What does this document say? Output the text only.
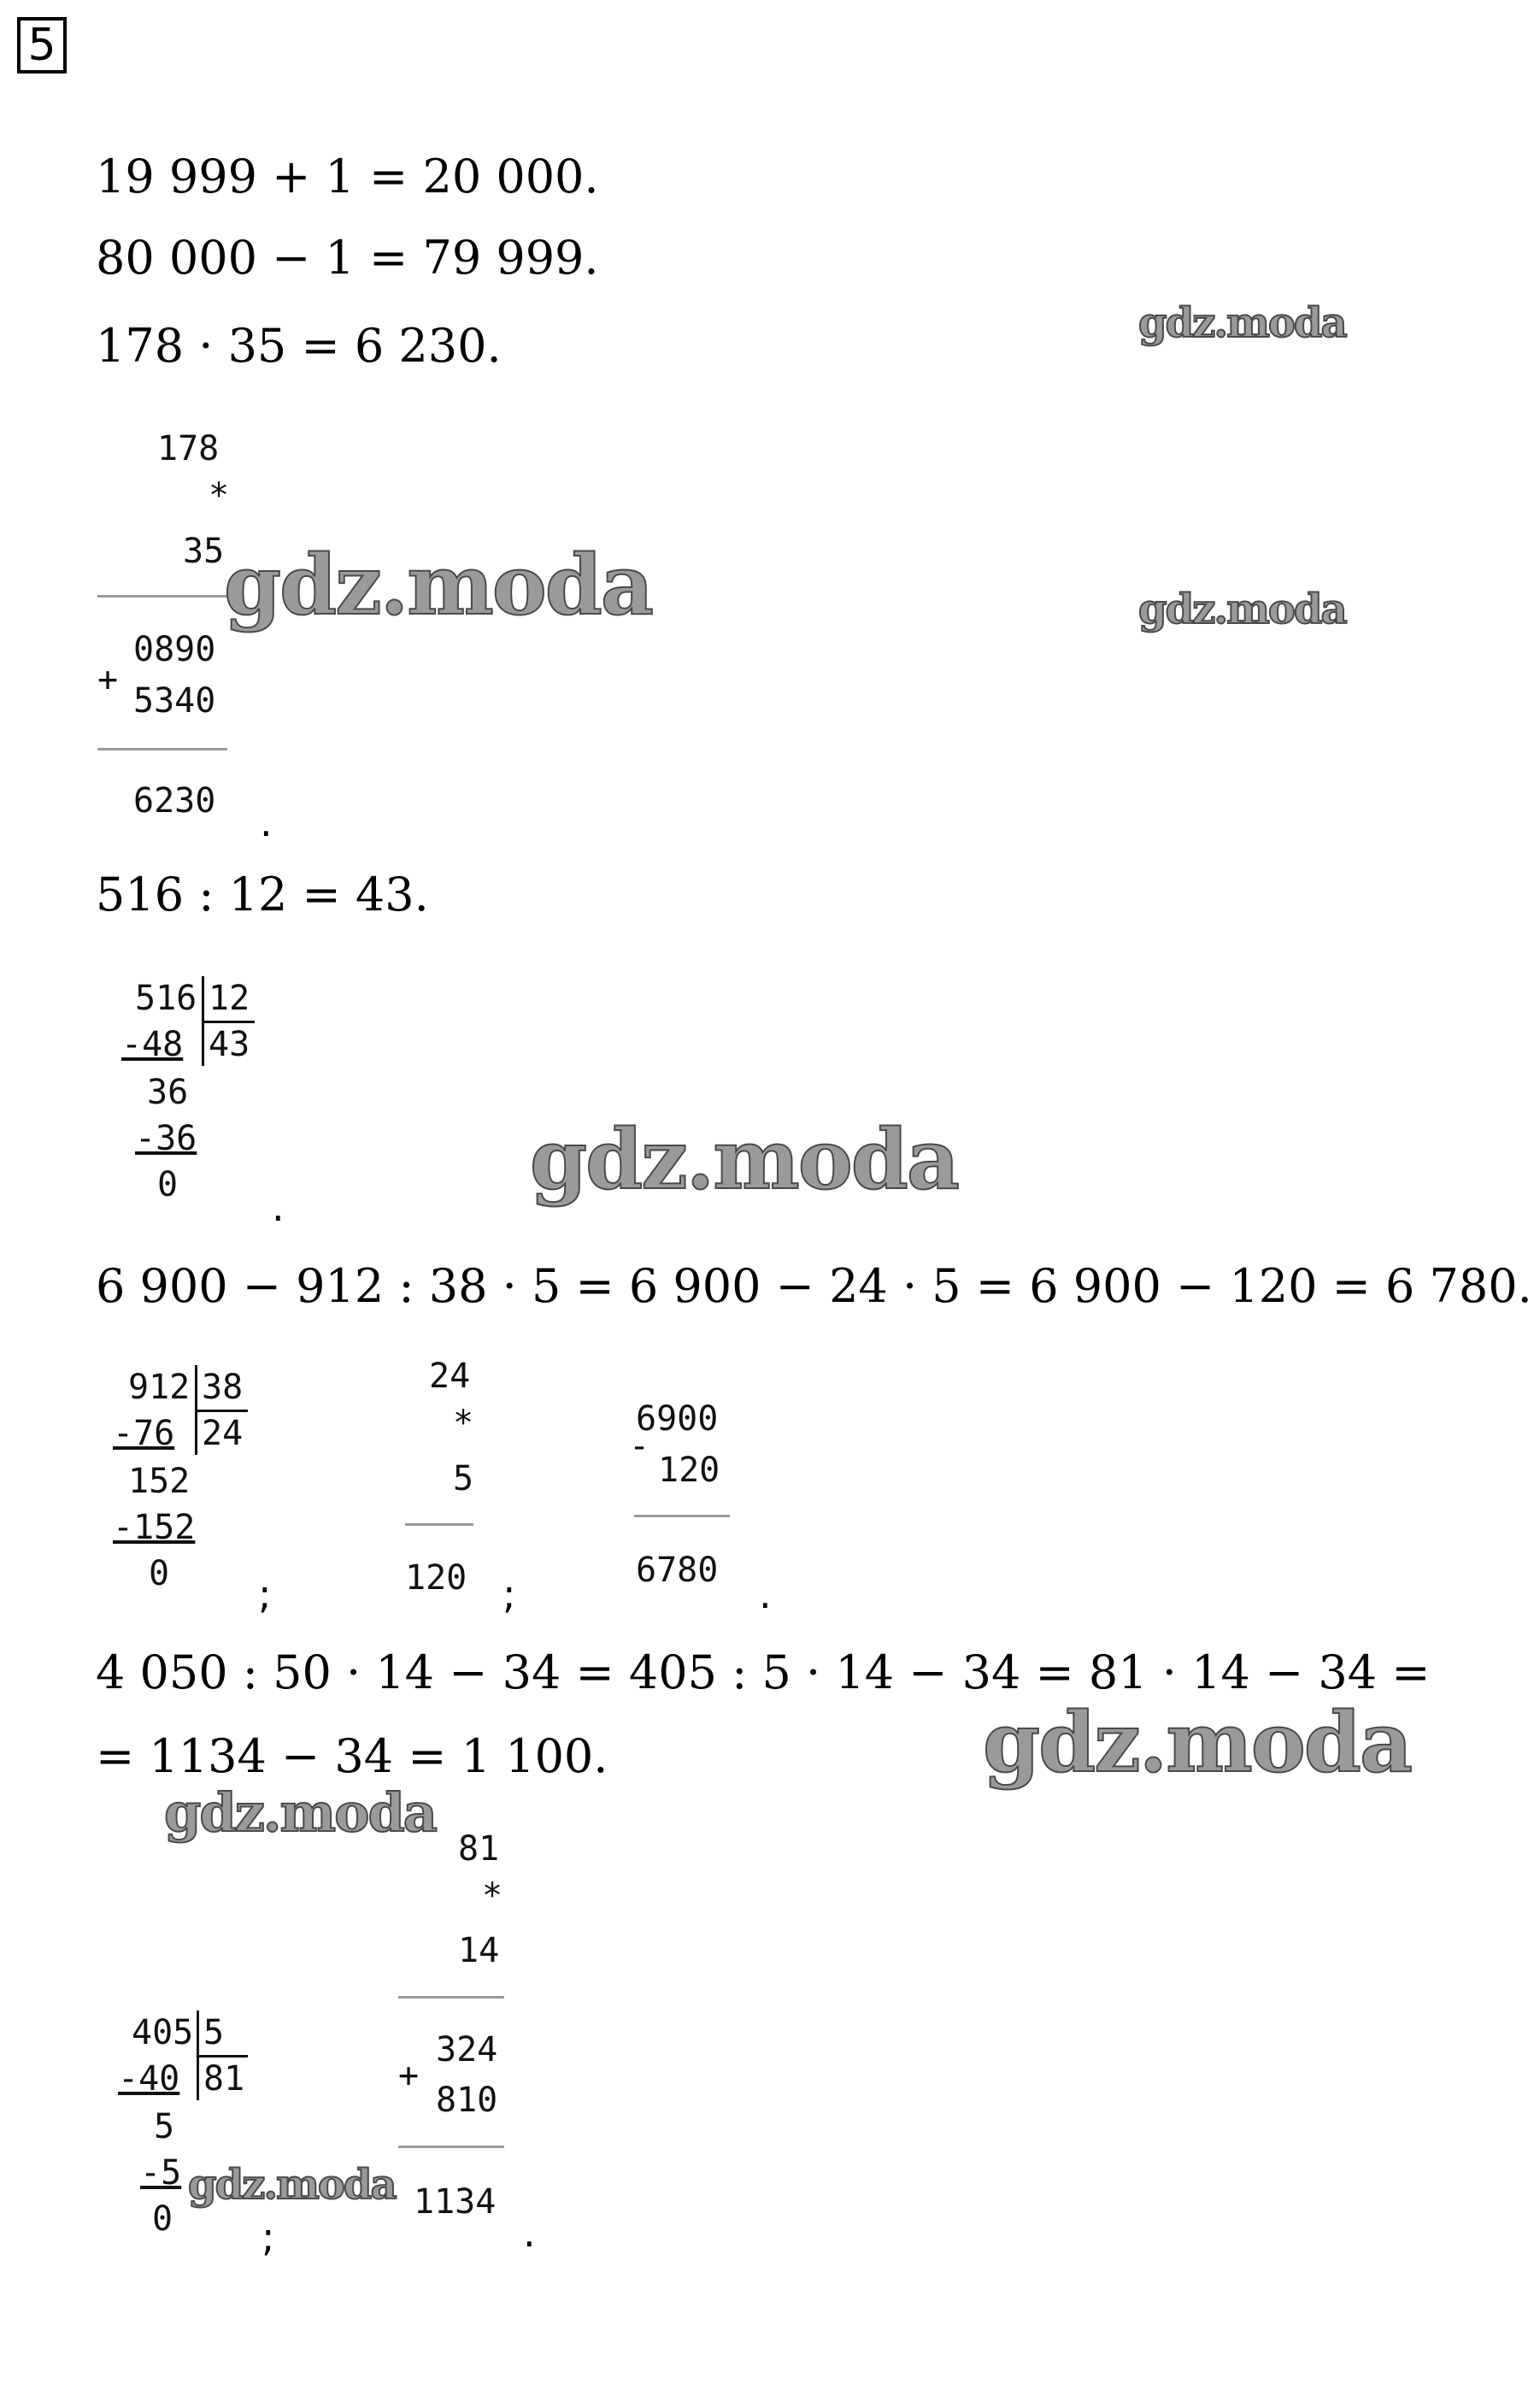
5
19 999 + 1 = 20 000.
80 000 − 1 = 79 999.
178 · 35 = 6 230.	gdz.moda
gdz.moda
178
*
35
+
0890
5340
6230 .
gdz.moda
516 : 12 = 43.
516 12
-48 43
36
-36
0 .	gdz.moda
6 900 − 912 : 38 · 5 = 6 900 − 24 · 5 = 6 900 − 120 = 6 780.
912 38
-76 24
152
-152
0 ;
24
*
5
120 ;
-
6900
120
6780
.
4 050 : 50 · 14 − 34 = 405 : 5 · 14 − 34 = 81 · 14 − 34 =
= 1134 − 34 = 1 100.	gdz.moda
gdz.moda
81
*
14
+
324
810
1134
.
405 5
-40 81
5
-5
0 ;
gdz.moda
